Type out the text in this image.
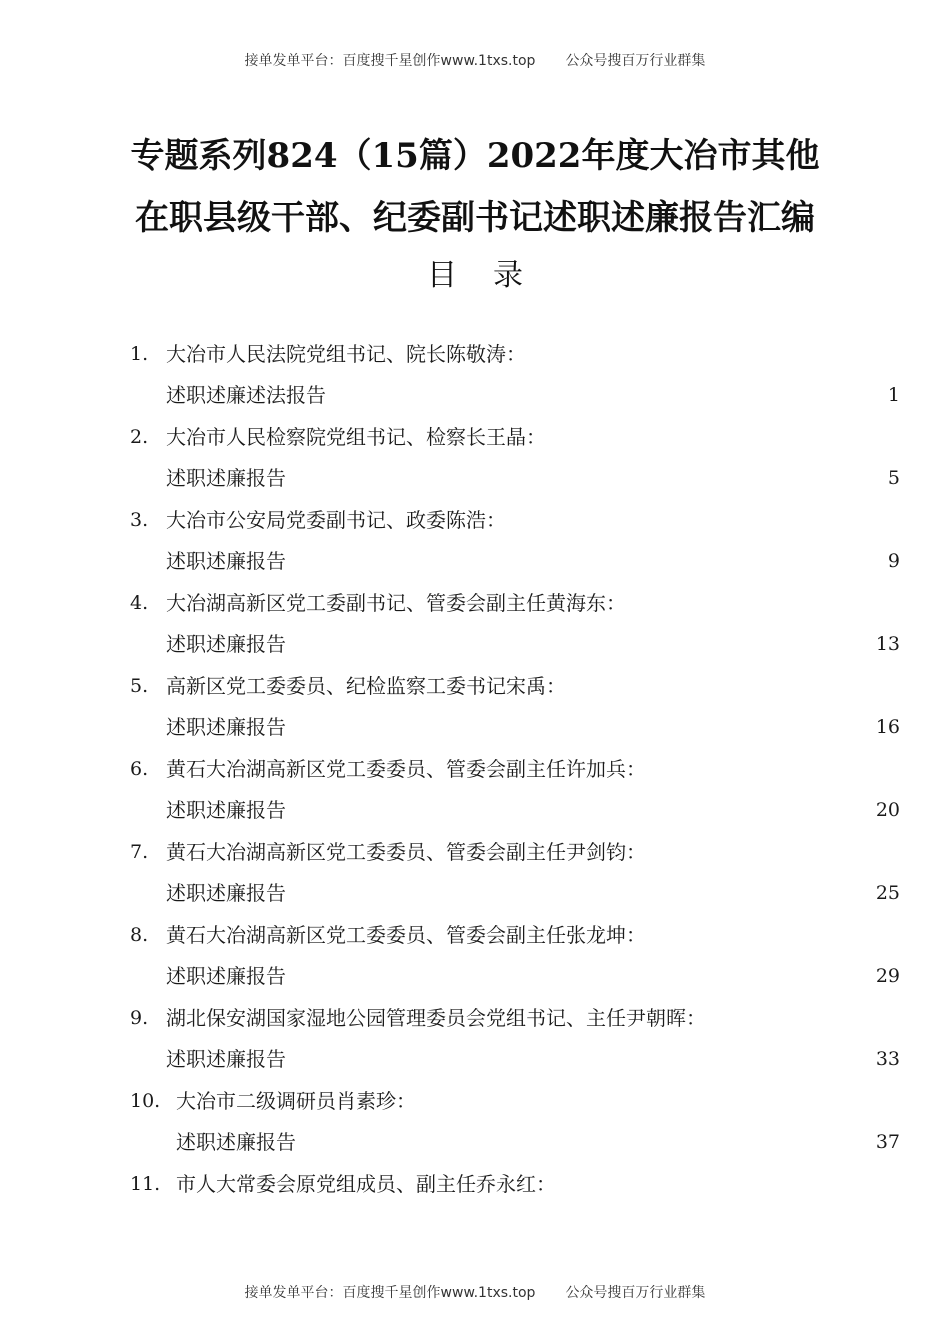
接单发单平台：百度搜千星创作www.1txs.top 公众号搜百万行业群集
专题系列824（15篇）2022年度大冶市其他
在职县级干部、纪委副书记述职述廉报告汇编
目录
1. 大冶市人民法院党组书记、院长陈敬涛：
述职述廉述法报告	1
2. 大冶市人民检察院党组书记、检察长王晶：
述职述廉报告	5
3. 大冶市公安局党委副书记、政委陈浩：
述职述廉报告	9
4. 大冶湖高新区党工委副书记、管委会副主任黄海东：
述职述廉报告	13
5. 高新区党工委委员、纪检监察工委书记宋禹：
述职述廉报告	16
6. 黄石大冶湖高新区党工委委员、管委会副主任许加兵：
述职述廉报告	20
7. 黄石大冶湖高新区党工委委员、管委会副主任尹剑钧：
述职述廉报告	25
8. 黄石大冶湖高新区党工委委员、管委会副主任张龙坤：
述职述廉报告	29
9. 湖北保安湖国家湿地公园管理委员会党组书记、主任尹朝晖：
述职述廉报告	33
10. 大冶市二级调研员肖素珍：
述职述廉报告	37
11. 市人大常委会原党组成员、副主任乔永红：
接单发单平台：百度搜千星创作www.1txs.top 公众号搜百万行业群集
